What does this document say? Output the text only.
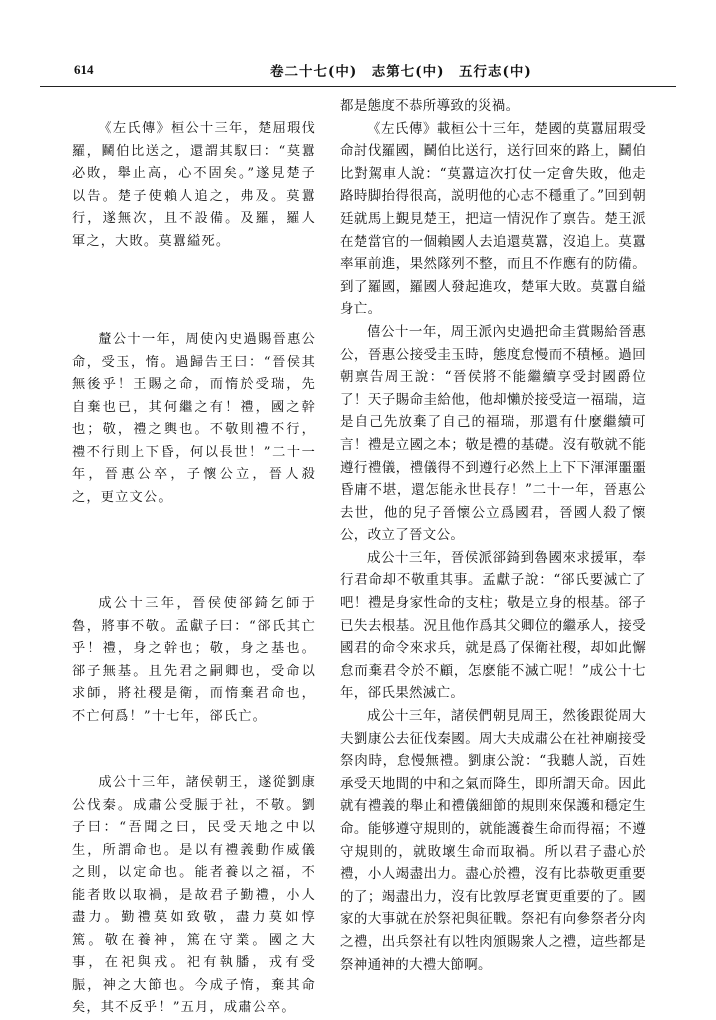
614	卷二十七(中)　志第七(中)　五行志(中)

《左氏傳》桓公十三年，楚屈瑕伐羅，鬭伯比送之，還謂其馭曰：“莫囂必敗，舉止高，心不固矣。”遂見楚子以告。楚子使賴人追之，弗及。莫囂行，遂無次，且不設備。及羅，羅人軍之，大敗。莫囂縊死。

釐公十一年，周使內史過賜晉惠公命，受玉，惰。過歸告王曰：“晉侯其無後乎！王賜之命，而惰於受瑞，先自棄也已，其何繼之有！禮，國之幹也；敬，禮之輿也。不敬則禮不行，禮不行則上下昏，何以長世！”二十一年，晉惠公卒，子懷公立，晉人殺之，更立文公。

成公十三年，晉侯使郤錡乞師于魯，將事不敬。孟獻子曰：“郤氏其亡乎！禮，身之幹也；敬，身之基也。郤子無基。且先君之嗣卿也，受命以求師，將社稷是衛，而惰棄君命也，不亡何爲！”十七年，郤氏亡。

成公十三年，諸侯朝王，遂從劉康公伐秦。成肅公受脤于社，不敬。劉子曰：“吾聞之曰，民受天地之中以生，所謂命也。是以有禮義動作威儀之則，以定命也。能者養以之福，不能者敗以取禍，是故君子勤禮，小人盡力。勤禮莫如致敬，盡力莫如惇篤。敬在養神，篤在守業。國之大事，在祀與戎。祀有執膰，戎有受脤，神之大節也。今成子惰，棄其命矣，其不反乎！”五月，成肅公卒。

都是態度不恭所導致的災禍。

《左氏傳》載桓公十三年，楚國的莫囂屈瑕受命討伐羅國，鬭伯比送行，送行回來的路上，鬭伯比對駕車人說：“莫囂這次打仗一定會失敗，他走路時脚抬得很高，説明他的心志不穩重了。”回到朝廷就馬上覲見楚王，把這一情況作了禀告。楚王派在楚當官的一個賴國人去追還莫囂，沒追上。莫囂率軍前進，果然隊列不整，而且不作應有的防備。到了羅國，羅國人發起進攻，楚軍大敗。莫囂自縊身亡。

僖公十一年，周王派內史過把命圭賞賜給晉惠公，晉惠公接受圭玉時，態度怠慢而不積極。過回朝禀告周王說：“晉侯將不能繼續享受封國爵位了！天子賜命圭給他，他却懶於接受這一福瑞，這是自己先放棄了自己的福瑞，那還有什麼繼續可言！禮是立國之本；敬是禮的基礎。沒有敬就不能遵行禮儀，禮儀得不到遵行必然上上下下渾渾噩噩昏庸不堪，還怎能永世長存！”二十一年，晉惠公去世，他的兒子晉懷公立爲國君，晉國人殺了懷公，改立了晉文公。

成公十三年，晉侯派郤錡到魯國來求援軍，奉行君命却不敬重其事。孟獻子說：“郤氏要滅亡了吧！禮是身家性命的支柱；敬是立身的根基。郤子已失去根基。況且他作爲其父卿位的繼承人，接受國君的命令來求兵，就是爲了保衛社稷，却如此懈怠而棄君令於不顧，怎麽能不滅亡呢！”成公十七年，郤氏果然滅亡。

成公十三年，諸侯們朝見周王，然後跟從周大夫劉康公去征伐秦國。周大夫成肅公在社神廟接受祭肉時，怠慢無禮。劉康公說：“我聽人説，百姓承受天地間的中和之氣而降生，即所謂天命。因此就有禮義的舉止和禮儀細節的規則來保護和穩定生命。能够遵守規則的，就能護養生命而得福；不遵守規則的，就敗壞生命而取禍。所以君子盡心於禮，小人竭盡出力。盡心於禮，沒有比恭敬更重要的了；竭盡出力，沒有比敦厚老實更重要的了。國家的大事就在於祭祀與征戰。祭祀有向參祭者分肉之禮，出兵祭社有以牲肉頒賜衆人之禮，這些都是祭神通神的大禮大節啊。
